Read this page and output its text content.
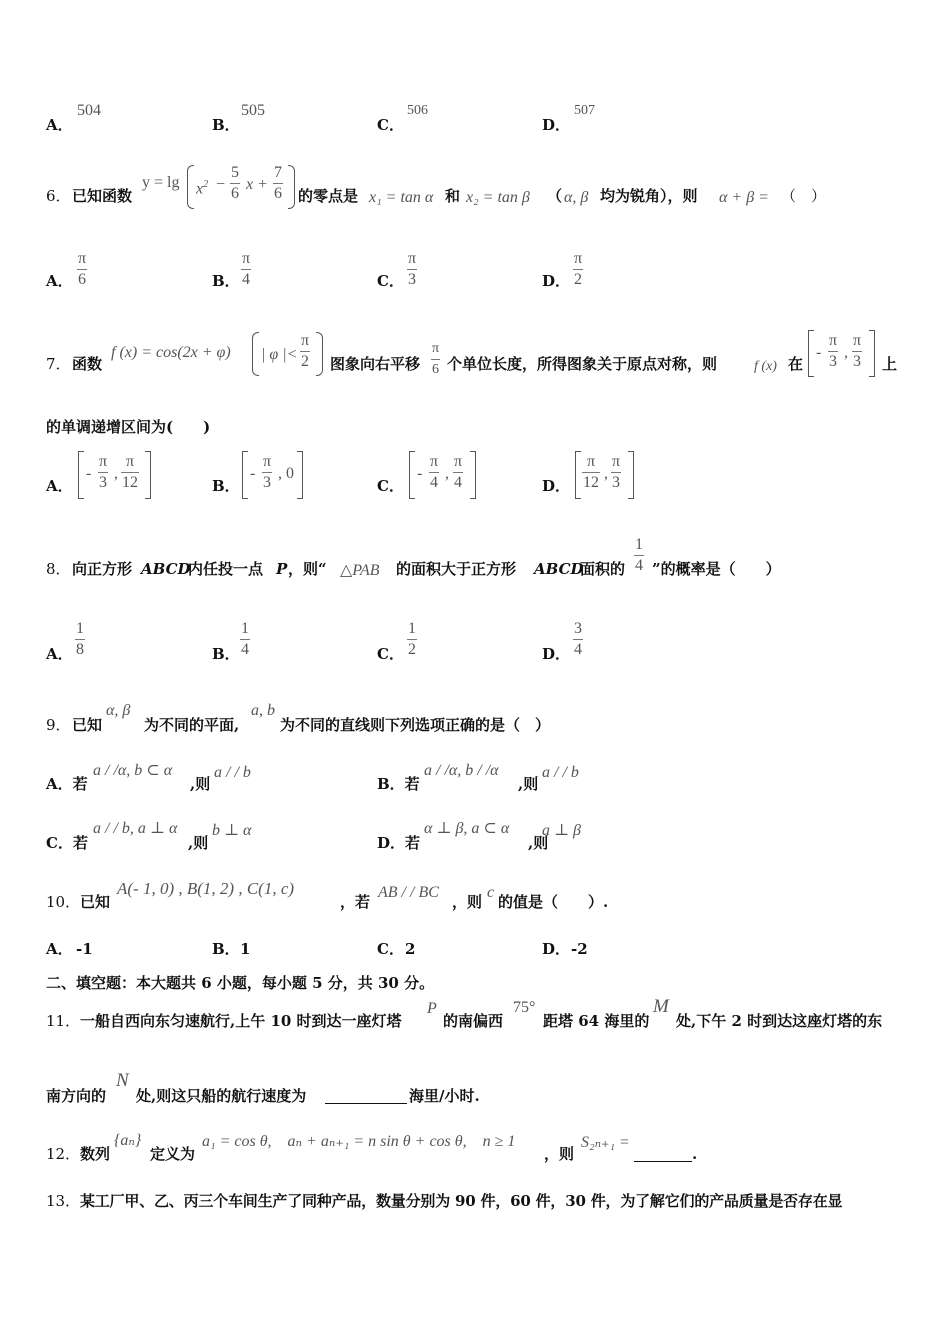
A．
504
B．
505
C．
506
D．
507
6． 已知函数
$y = \lg x^2$ −
5
6
x +
7
6 的零点是 x₁ = tan α 和 x₂ = tan β （ α, β 均为锐角），则 α + β = （　）
A．
π
6	B．
π
4	C．
π
3	D．
π
2
7． 函数
f (x) = cos(2x + φ) | φ |<
π
2 图象向右平移
π
6 个单位长度，所得图象关于原点对称，则	f (x) 在
-
π
3
,
π
3 上
的单调递增区间为(　　)
A．
-
π
3
,
π
12	B．
-
π
3
, 0
C．
-
π
4
,
π
4	D．
π
12
,
π
3
8． 向正方形 ABCD
内任投一点 P ，则“ △PAB 的面积大于正方形 ABCD
面积的
1
4 ”的概率是（　　）
A．
1
8	B．
1
4	C．
1
2	D．
3
4
9． 已知
α, β
为不同的平面,
a, b
为不同的直线则下列选项正确的是（　）
A．若
a / /α, b ⊂ α
,则
a / / b
B．若
a / /α, b / /α
,则
a / / b
C．若
a / / b, a ⊥ α
,则
b ⊥ α
D．若
α ⊥ β, a ⊂ α
,则
a ⊥ β
10． 已知
A(- 1, 0) , B(1, 2) , C(1, c)
，若
AB / / BC
，则
c
的值是（　　）.
A． -1	B． 1	C． 2	D． -2
二、填空题：本大题共 6 小题，每小题 5 分，共 30 分。
11． 一船自西向东匀速航行,上午 10 时到达一座灯塔
P
的南偏西
75°
距塔 64 海里的
M
处,下午 2 时到达这座灯塔的东
南方向的
N
处,则这只船的航行速度为	海里/小时.
12． 数列
{aₙ}
定义为
a₁ = cos θ,　aₙ + aₙ₊₁ = n sin θ + cos θ,　n ≥ 1
，则
S₂ₙ₊₁ =
.
13． 某工厂甲、乙、丙三个车间生产了同种产品，数量分别为 90 件，60 件，30 件，为了解它们的产品质量是否存在显
